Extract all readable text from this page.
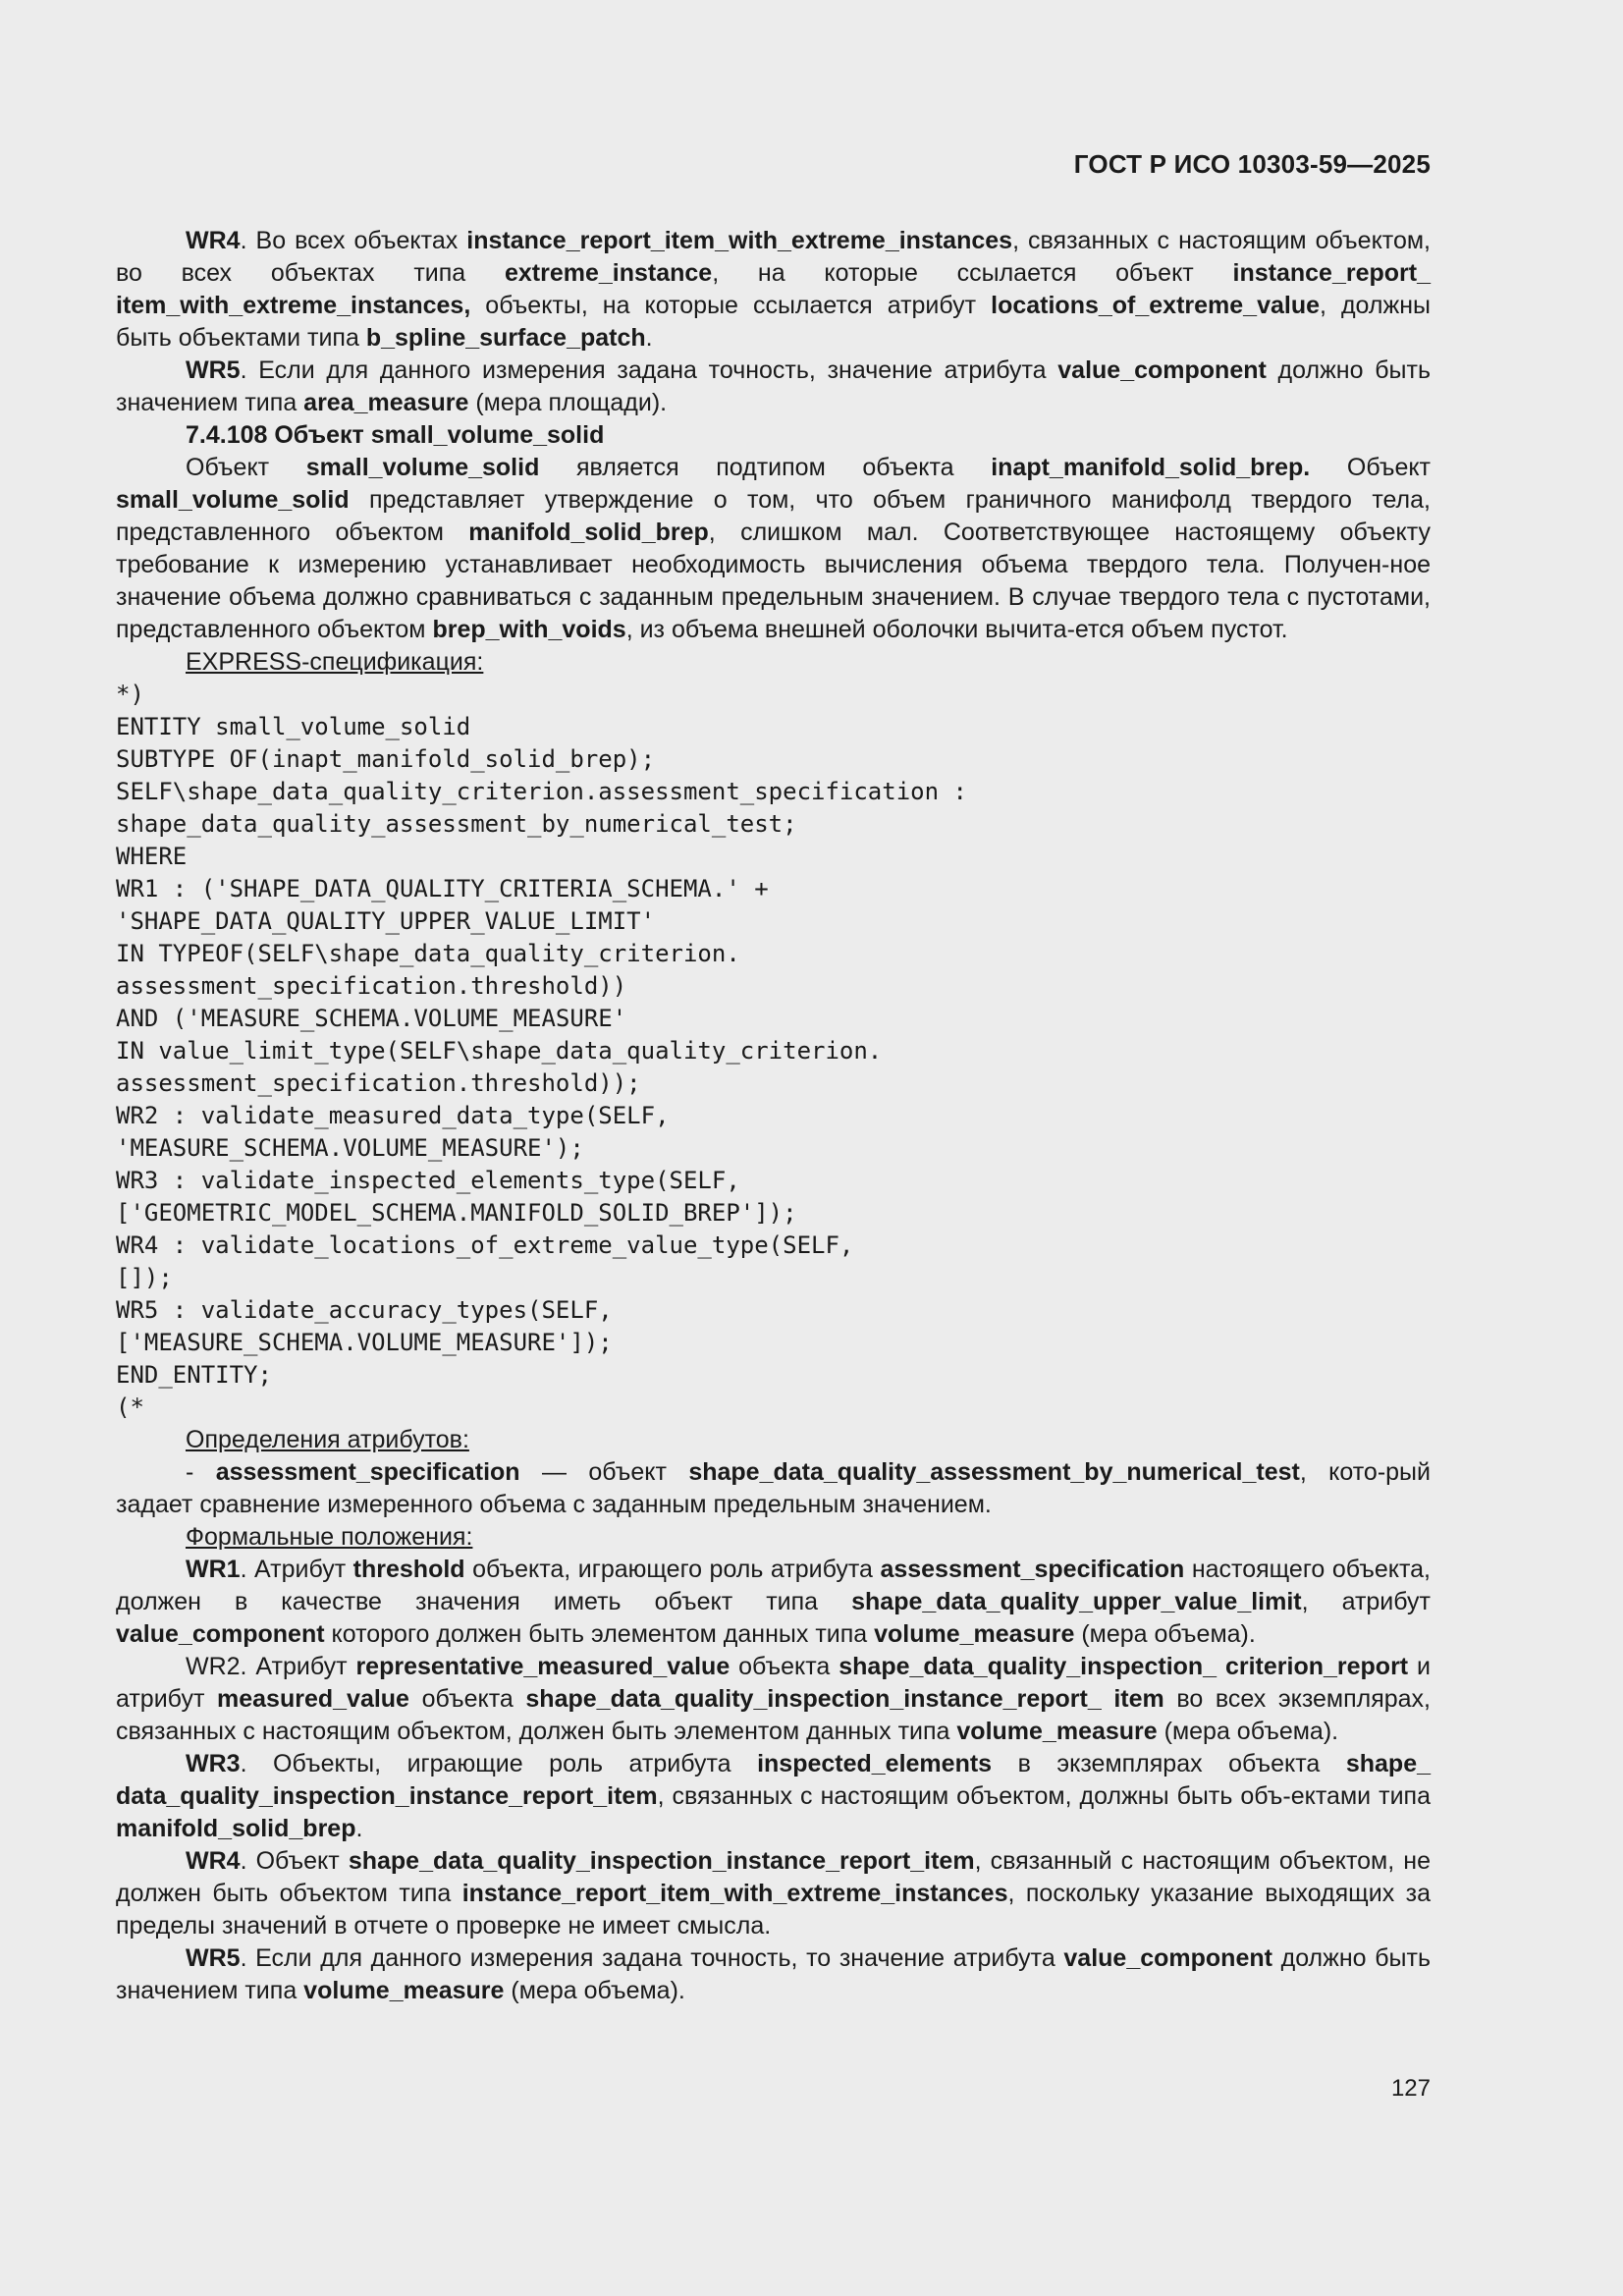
ГОСТ Р ИСО 10303-59—2025

WR4. Во всех объектах instance_report_item_with_extreme_instances, связанных с настоящим объектом, во всех объектах типа extreme_instance, на которые ссылается объект instance_report_ item_with_extreme_instances, объекты, на которые ссылается атрибут locations_of_extreme_value, должны быть объектами типа b_spline_surface_patch.

WR5. Если для данного измерения задана точность, значение атрибута value_component должно быть значением типа area_measure (мера площади).

7.4.108 Объект small_volume_solid

Объект small_volume_solid является подтипом объекта inapt_manifold_solid_brep. Объект small_volume_solid представляет утверждение о том, что объем граничного манифолд твердого тела, представленного объектом manifold_solid_brep, слишком мал. Соответствующее настоящему объекту требование к измерению устанавливает необходимость вычисления объема твердого тела. Получен-ное значение объема должно сравниваться с заданным предельным значением. В случае твердого тела с пустотами, представленного объектом brep_with_voids, из объема внешней оболочки вычита-ется объем пустот.

EXPRESS-спецификация:

*)
ENTITY small_volume_solid
SUBTYPE OF(inapt_manifold_solid_brep);
SELF\shape_data_quality_criterion.assessment_specification :
shape_data_quality_assessment_by_numerical_test;
WHERE
WR1 : ('SHAPE_DATA_QUALITY_CRITERIA_SCHEMA.' +
'SHAPE_DATA_QUALITY_UPPER_VALUE_LIMIT'
IN TYPEOF(SELF\shape_data_quality_criterion.
assessment_specification.threshold))
AND ('MEASURE_SCHEMA.VOLUME_MEASURE'
IN value_limit_type(SELF\shape_data_quality_criterion.
assessment_specification.threshold));
WR2 : validate_measured_data_type(SELF,
'MEASURE_SCHEMA.VOLUME_MEASURE');
WR3 : validate_inspected_elements_type(SELF,
['GEOMETRIC_MODEL_SCHEMA.MANIFOLD_SOLID_BREP']);
WR4 : validate_locations_of_extreme_value_type(SELF,
[]);
WR5 : validate_accuracy_types(SELF,
['MEASURE_SCHEMA.VOLUME_MEASURE']);
END_ENTITY;
(*

Определения атрибутов:

- assessment_specification — объект shape_data_quality_assessment_by_numerical_test, кото-рый задает сравнение измеренного объема с заданным предельным значением.

Формальные положения:

WR1. Атрибут threshold объекта, играющего роль атрибута assessment_specification настоящего объекта, должен в качестве значения иметь объект типа shape_data_quality_upper_value_limit, атрибут value_component которого должен быть элементом данных типа volume_measure (мера объема).

WR2. Атрибут representative_measured_value объекта shape_data_quality_inspection_ criterion_report и атрибут measured_value объекта shape_data_quality_inspection_instance_report_ item во всех экземплярах, связанных с настоящим объектом, должен быть элементом данных типа volume_measure (мера объема).

WR3. Объекты, играющие роль атрибута inspected_elements в экземплярах объекта shape_ data_quality_inspection_instance_report_item, связанных с настоящим объектом, должны быть объ-ектами типа manifold_solid_brep.

WR4. Объект shape_data_quality_inspection_instance_report_item, связанный с настоящим объектом, не должен быть объектом типа instance_report_item_with_extreme_instances, поскольку указание выходящих за пределы значений в отчете о проверке не имеет смысла.

WR5. Если для данного измерения задана точность, то значение атрибута value_component должно быть значением типа volume_measure (мера объема).

127
